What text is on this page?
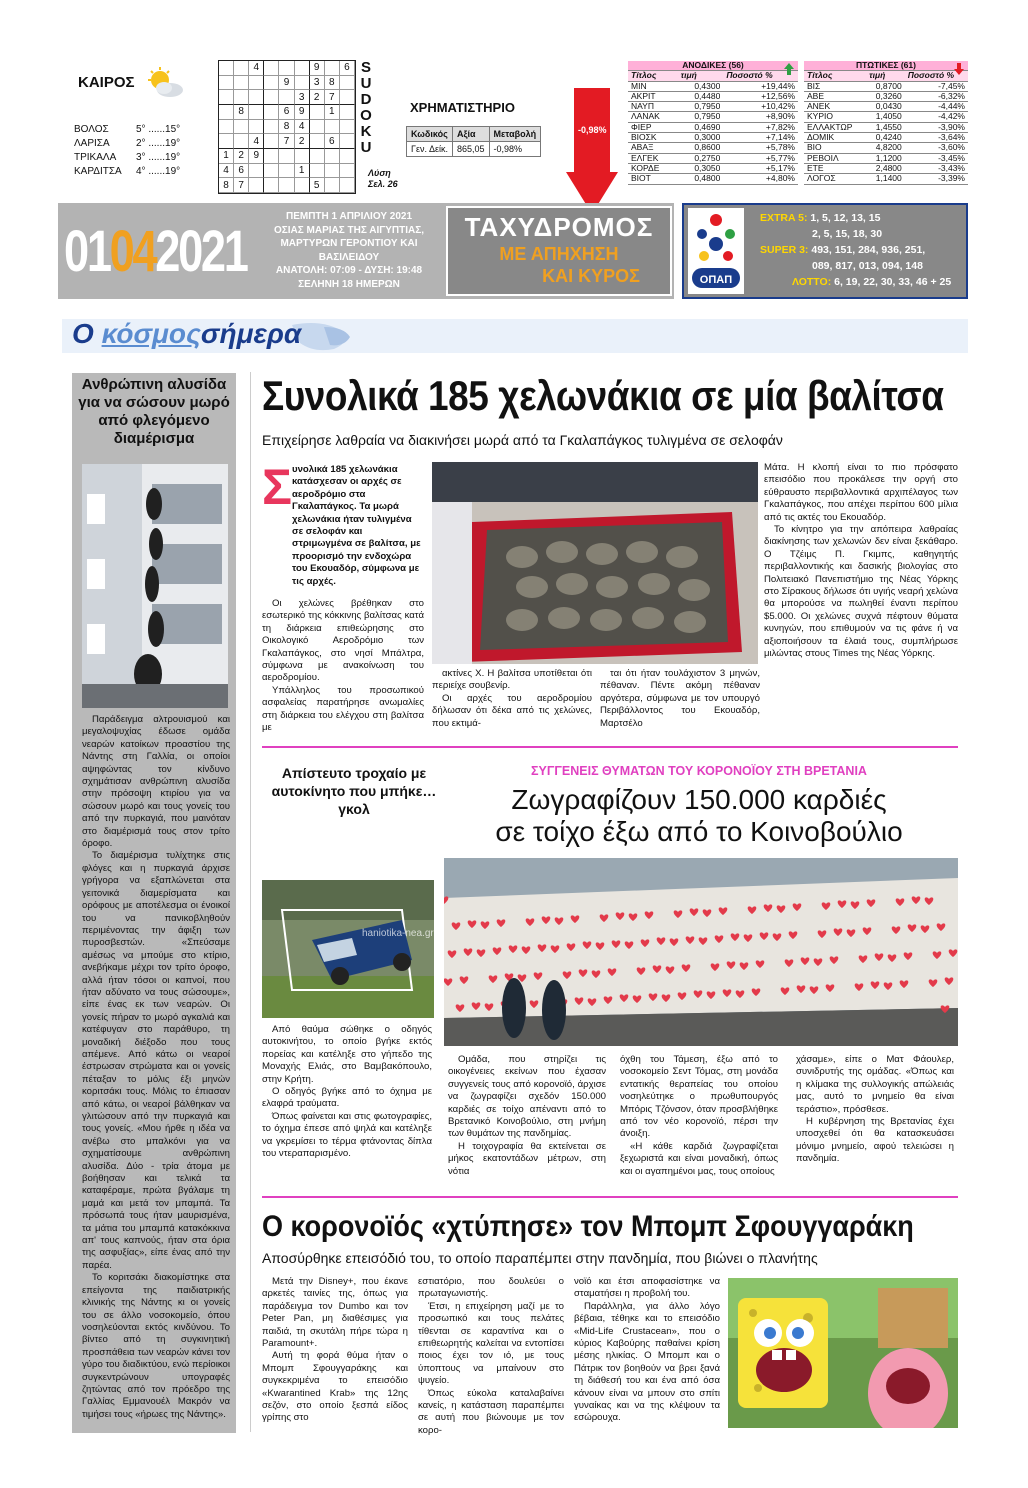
ΚΑΙΡΟΣ
ΒΟΛΟΣ	5° ......15°
ΛΑΡΙΣΑ	2° ......19°
ΤΡΙΚΑΛΑ	3° ......19°
ΚΑΡΔΙΤΣΑ	4° ......19°
4	9	6
9	3 8
3 2 7
8	6 9	1
8 4
4	7 2	6
1 2 9
4 6	1
8 7	5
S
U
D
O
K
U
Λύση
Σελ. 26
ΧΡΗΜΑΤΙΣΤΗΡΙΟ
Κωδικός	Αξία	Μεταβολή
Γεν. Δείκ.	865,05	-0,98%
-0,98%
ΑΝΟΔΙΚΕΣ (56)		
Τίτλος	τιμή	Ποσοστό %
ΜΙΝ	0,4300	+19,44%
ΑΚΡΙΤ	0,4480	+12,56%
ΝΑΥΠ	0,7950	+10,42%
ΛΑΝΑΚ	0,7950	+8,90%
ΦΙΕΡ	0,4690	+7,82%
ΒΙΟΣΚ	0,3000	+7,14%
ΑΒΑΞ	0,8600	+5,78%
ΕΛΓΕΚ	0,2750	+5,77%
ΚΟΡΔΕ	0,3050	+5,17%
ΒΙΟΤ	0,4800	+4,80%
ΠΤΩΤΙΚΕΣ (61)		
Τίτλος	τιμή	Ποσοστό %
ΒΙΣ	0,8700	-7,45%
ΑΒΕ	0,3260	-6,32%
ΑΝΕΚ	0,0430	-4,44%
ΚΥΡΙΟ	1,4050	-4,42%
ΕΛΛΑΚΤΩΡ	1,4550	-3,90%
ΔΟΜΙΚ	0,4240	-3,64%
ΒΙΟ	4,8200	-3,60%
ΡΕΒΟΙΛ	1,1200	-3,45%
ΕΤΕ	2,4800	-3,43%
ΛΟΓΟΣ	1,1400	-3,39%
01042021
ΠΕΜΠΤΗ 1 ΑΠΡΙΛΙΟΥ 2021
ΟΣΙΑΣ ΜΑΡΙΑΣ ΤΗΣ ΑΙΓΥΠΤΙΑΣ,
ΜΑΡΤΥΡΩΝ ΓΕΡΟΝΤΙΟΥ ΚΑΙ ΒΑΣΙΛΕΙΔΟΥ
ΑΝΑΤΟΛΗ: 07:09 - ΔΥΣΗ: 19:48
ΣΕΛΗΝΗ 18 ΗΜΕΡΩΝ
ΤΑΧΥΔΡΟΜΟΣ
ΜΕ ΑΠΗΧΗΣΗ
ΚΑΙ ΚΥΡΟΣ	ΟΠΑΠ
EXTRA 5: 1, 5, 12, 13, 15
2, 5, 15, 18, 30
SUPER 3: 493, 151, 284, 936, 251,
089, 817, 013, 094, 148
ΛΟΤΤΟ: 6, 19, 22, 30, 33, 46 + 25
Ο κόσμοςσήμερα
Ανθρώπινη αλυσίδα για να σώσουν μωρό από φλεγόμενο διαμέρισμα

Παράδειγμα αλτρουισμού και μεγαλοψυχίας έδωσε ομάδα νεαρών κατοίκων προαστίου της Νάντης στη Γαλλία, οι οποίοι αψηφώντας τον κίνδυνο σχημάτισαν ανθρώπινη αλυσίδα στην πρόσοψη κτιρίου για να σώσουν μωρό και τους γονείς του από την πυρκαγιά, που μαινόταν στο διαμέρισμά τους στον τρίτο όροφο.

Το διαμέρισμα τυλίχτηκε στις φλόγες και η πυρκαγιά άρχισε γρήγορα να εξαπλώνεται στα γειτονικά διαμερίσματα και ορόφους με αποτέλεσμα οι ένοικοί του να πανικοβληθούν περιμένοντας την άφιξη των πυροσβεστών. «Σπεύσαμε αμέσως να μπούμε στο κτίριο, ανεβήκαμε μέχρι τον τρίτο όροφο, αλλά ήταν τόσοι οι καπνοί, που ήταν αδύνατο να τους σώσουμε», είπε ένας εκ των νεαρών. Οι γονείς πήραν το μωρό αγκαλιά και κατέφυγαν στο παράθυρο, τη μοναδική διέξοδο που τους απέμενε. Από κάτω οι νεαροί έστρωσαν στρώματα και οι γονείς πέταξαν το μόλις έξι μηνών κοριτσάκι τους. Μόλις το έπιασαν από κάτω, οι νεαροί βάλθηκαν να γλιτώσουν από την πυρκαγιά και τους γονείς. «Μου ήρθε η ιδέα να ανέβω στο μπαλκόνι για να σχηματίσουμε ανθρώπινη αλυσίδα. Δύο - τρία άτομα με βοήθησαν και τελικά τα καταφέραμε, πρώτα βγάλαμε τη μαμά και μετά τον μπαμπά. Τα πρόσωπά τους ήταν μαυρισμένα, τα μάτια του μπαμπά κατακόκκινα απ' τους καπνούς, ήταν στα όρια της ασφυξίας», είπε ένας από την παρέα.

Το κοριτσάκι διακομίστηκε στα επείγοντα της παιδιατρικής κλινικής της Νάντης κι οι γονείς του σε άλλο νοσοκομείο, όπου νοσηλεύονται εκτός κινδύνου. Το βίντεο από τη συγκινητική προσπάθεια των νεαρών κάνει τον γύρο του διαδικτύου, ενώ περίοικοι συγκεντρώνουν υπογραφές ζητώντας από τον πρόεδρο της Γαλλίας Εμμανουέλ Μακρόν να τιμήσει τους «ήρωες της Νάντης».

Συνολικά 185 χελωνάκια σε μία βαλίτσα
Επιχείρησε λαθραία να διακινήσει μωρά από τα Γκαλαπάγκος τυλιγμένα σε σελοφάν
Σ υνολικά 185 χελωνάκια κατάσχεσαν οι αρχές σε αεροδρόμιο στα Γκαλαπάγκος. Τα μωρά χελωνάκια ήταν τυλιγμένα σε σελοφάν και στριμωγμένα σε βαλίτσα, με προορισμό την ενδοχώρα του Εκουαδόρ, σύμφωνα με τις αρχές.

Οι χελώνες βρέθηκαν στο εσωτερικό της κόκκινης βαλίτσας κατά τη διάρκεια επιθεώρησης στο Οικολογικό Αεροδρόμιο των Γκαλαπάγκος, στο νησί Μπάλτρα, σύμφωνα με ανακοίνωση του αεροδρομίου.

Υπάλληλος του προσωπικού ασφαλείας παρατήρησε ανωμαλίες στη διάρκεια του ελέγχου στη βαλίτσα με

ακτίνες Χ. Η βαλίτσα υποτίθεται ότι περιείχε σουβενίρ.

Οι αρχές του αεροδρομίου δήλωσαν ότι δέκα από τις χελώνες, που εκτιμά-

ται ότι ήταν τουλάχιστον 3 μηνών, πέθαναν. Πέντε ακόμη πέθαναν αργότερα, σύμφωνα με τον υπουργό Περιβάλλοντος του Εκουαδόρ, Μαρτσέλο

Μάτα. Η κλοπή είναι το πιο πρόσφατο επεισόδιο που προκάλεσε την οργή στο εύθραυστο περιβαλλοντικά αρχιπέλαγος των Γκαλαπάγκος, που απέχει περίπου 600 μίλια από τις ακτές του Εκουαδόρ.

Το κίνητρο για την απόπειρα λαθραίας διακίνησης των χελωνών δεν είναι ξεκάθαρο. Ο Τζέιμς Π. Γκιμπς, καθηγητής περιβαλλοντικής και δασικής βιολογίας στο Πολιτειακό Πανεπιστήμιο της Νέας Υόρκης στο Σίρακους δήλωσε ότι υγιής νεαρή χελώνα θα μπορούσε να πωληθεί έναντι περίπου $5.000. Οι χελώνες συχνά πέφτουν θύματα κυνηγών, που επιθυμούν να τις φάνε ή να αξιοποιήσουν τα έλαιά τους, συμπλήρωσε μιλώντας στους Times της Νέας Υόρκης.

Απίστευτο τροχαίο με αυτοκίνητο που μπήκε… γκολ
haniotika-nea.gr

Από θαύμα σώθηκε ο οδηγός αυτοκινήτου, το οποίο βγήκε εκτός πορείας και κατέληξε στο γήπεδο της Μοναχής Ελιάς, στο Βαμβακόπουλο, στην Κρήτη.

Ο οδηγός βγήκε από το όχημα με ελαφρά τραύματα.

Όπως φαίνεται και στις φωτογραφίες, το όχημα έπεσε από ψηλά και κατέληξε να γκρεμίσει το τέρμα φτάνοντας δίπλα του ντεραπαρισμένο.

ΣΥΓΓΕΝΕΙΣ ΘΥΜΑΤΩΝ ΤΟΥ ΚΟΡΟΝΟΪΟΥ ΣΤΗ ΒΡΕΤΑΝΙΑ
Ζωγραφίζουν 150.000 καρδιές
σε τοίχο έξω από το Κοινοβούλιο

Ομάδα, που στηρίζει τις οικογένειες εκείνων που έχασαν συγγενείς τους από κορονοϊό, άρχισε να ζωγραφίζει σχεδόν 150.000 καρδιές σε τοίχο απέναντι από το Βρετανικό Κοινοβούλιο, στη μνήμη των θυμάτων της πανδημίας.

Η τοιχογραφία θα εκτείνεται σε μήκος εκατοντάδων μέτρων, στη νότια

όχθη του Τάμεση, έξω από το νοσοκομείο Σεντ Τόμας, στη μονάδα εντατικής θεραπείας του οποίου νοσηλεύτηκε ο πρωθυπουργός Μπόρις Τζόνσον, όταν προσβλήθηκε από τον νέο κορονοϊό, πέρσι την άνοιξη.

«Η κάθε καρδιά ζωγραφίζεται ξεχωριστά και είναι μοναδική, όπως και οι αγαπημένοι μας, τους οποίους

χάσαμε», είπε ο Ματ Φάουλερ, συνιδρυτής της ομάδας. «Όπως και η κλίμακα της συλλογικής απώλειάς μας, αυτό το μνημείο θα είναι τεράστιο», πρόσθεσε.

Η κυβέρνηση της Βρετανίας έχει υποσχεθεί ότι θα κατασκευάσει μόνιμο μνημείο, αφού τελειώσει η πανδημία.

Ο κορονοϊός «χτύπησε» τον Μπομπ Σφουγγαράκη
Αποσύρθηκε επεισόδιό του, το οποίο παραπέμπει στην πανδημία, που βιώνει ο πλανήτης

Μετά την Disney+, που έκανε αρκετές ταινίες της, όπως για παράδειγμα τον Dumbo και τον Peter Pan, μη διαθέσιμες για παιδιά, τη σκυτάλη πήρε τώρα η Paramount+.

Αυτή τη φορά θύμα ήταν ο Μπομπ Σφουγγαράκης και συγκεκριμένα το επεισόδιο «Kwarantined Krab» της 12ης σεζόν, στο οποίο ξεσπά είδος γρίπης στο

εστιατόριο, που δουλεύει ο πρωταγωνιστής.

Έτσι, η επιχείρηση μαζί με το προσωπικό και τους πελάτες τίθενται σε καραντίνα και ο επιθεωρητής καλείται να εντοπίσει ποιος έχει τον ιό, με τους ύποπτους να μπαίνουν στο ψυγείο.

Όπως εύκολα καταλαβαίνει κανείς, η κατάσταση παραπέμπει σε αυτή που βιώνουμε με τον κορο-

νοϊό και έτσι αποφασίστηκε να σταματήσει η προβολή του.

Παράλληλα, για άλλο λόγο βέβαια, τέθηκε και το επεισόδιο «Mid-Life Crustacean», που ο κύριος Καβούρης παθαίνει κρίση μέσης ηλικίας. Ο Μπομπ και ο Πάτρικ τον βοηθούν να βρει ξανά τη διάθεσή του και ένα από όσα κάνουν είναι να μπουν στο σπίτι γυναίκας και να της κλέψουν τα εσώρουχα.
